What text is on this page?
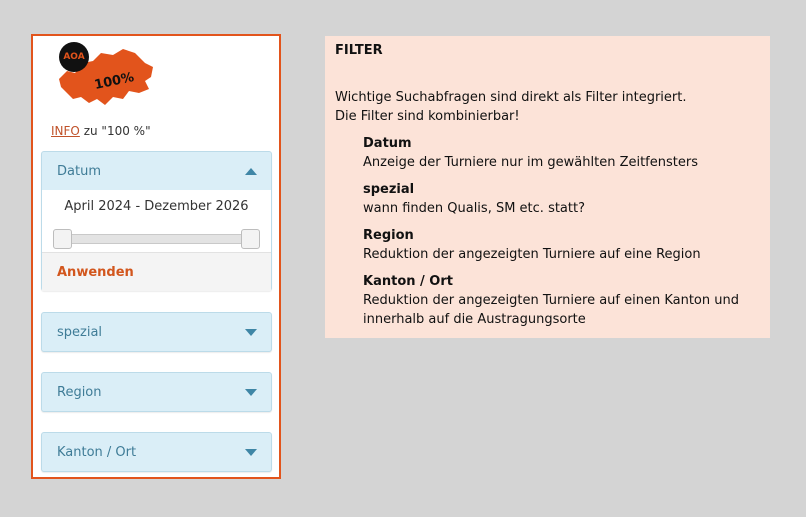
AOA
100%
INFO zu "100 %"
Datum
April 2024 - Dezember 2026
Anwenden
spezial
Region
Kanton / Ort
FILTER
Wichtige Suchabfragen sind direkt als Filter integriert.
Die Filter sind kombinierbar!
Datum
Anzeige der Turniere nur im gewählten Zeitfensters
spezial
wann finden Qualis, SM etc. statt?
Region
Reduktion der angezeigten Turniere auf eine Region
Kanton / Ort
Reduktion der angezeigten Turniere auf einen Kanton und innerhalb auf die Austragungsorte
